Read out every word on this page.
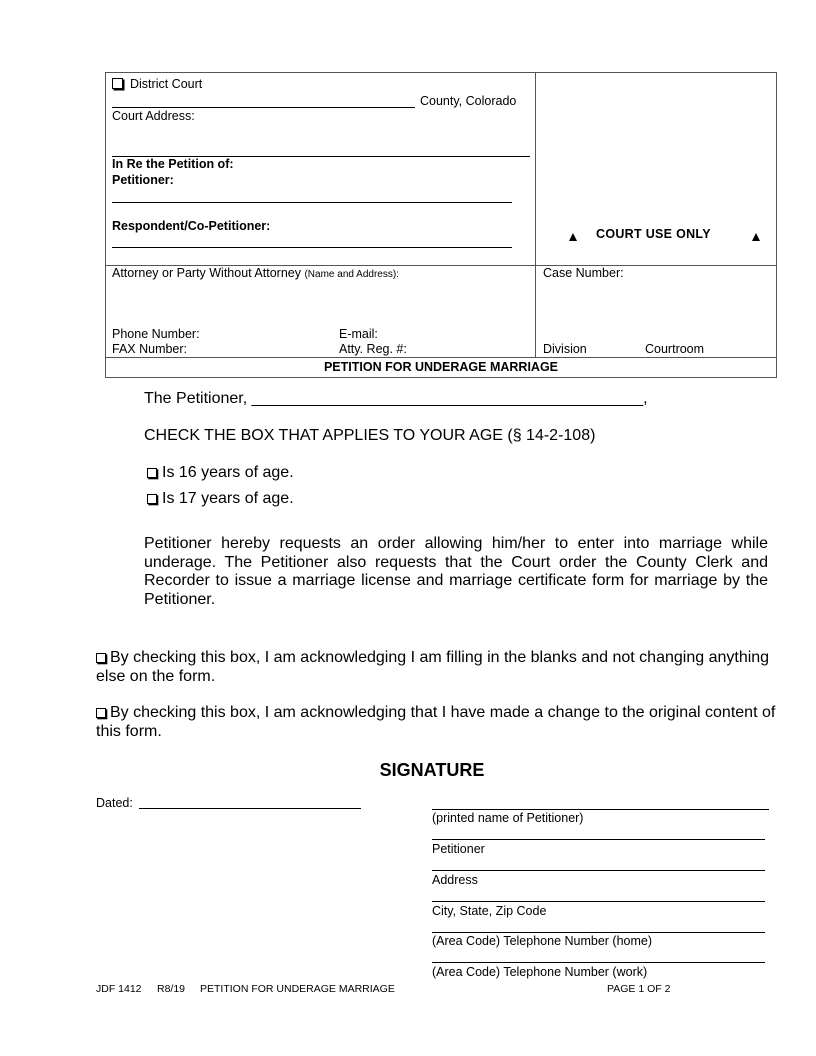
District Court
County, Colorado
Court Address:
In Re the Petition of:
Petitioner:
Respondent/Co-Petitioner:
COURT USE ONLY
Attorney or Party Without Attorney (Name and Address):
Phone Number:	E-mail:
FAX Number:	Atty. Reg. #:
Case Number:
Division	Courtroom
PETITION FOR UNDERAGE MARRIAGE
The Petitioner, ____________________________________________,
CHECK THE BOX THAT APPLIES TO YOUR AGE (§ 14-2-108)
Is 16 years of age.
Is 17 years of age.
Petitioner hereby requests an order allowing him/her to enter into marriage while underage. The Petitioner also requests that the Court order the County Clerk and Recorder to issue a marriage license and marriage certificate form for marriage by the Petitioner.
By checking this box, I am acknowledging I am filling in the blanks and not changing anything else on the form.
By checking this box, I am acknowledging that I have made a change to the original content of this form.
SIGNATURE
Dated:
(printed name of Petitioner)
Petitioner
Address
City, State, Zip Code
(Area Code) Telephone Number (home)
(Area Code) Telephone Number (work)
JDF 1412 R8/19 PETITION FOR UNDERAGE MARRIAGE	PAGE 1 OF 2
